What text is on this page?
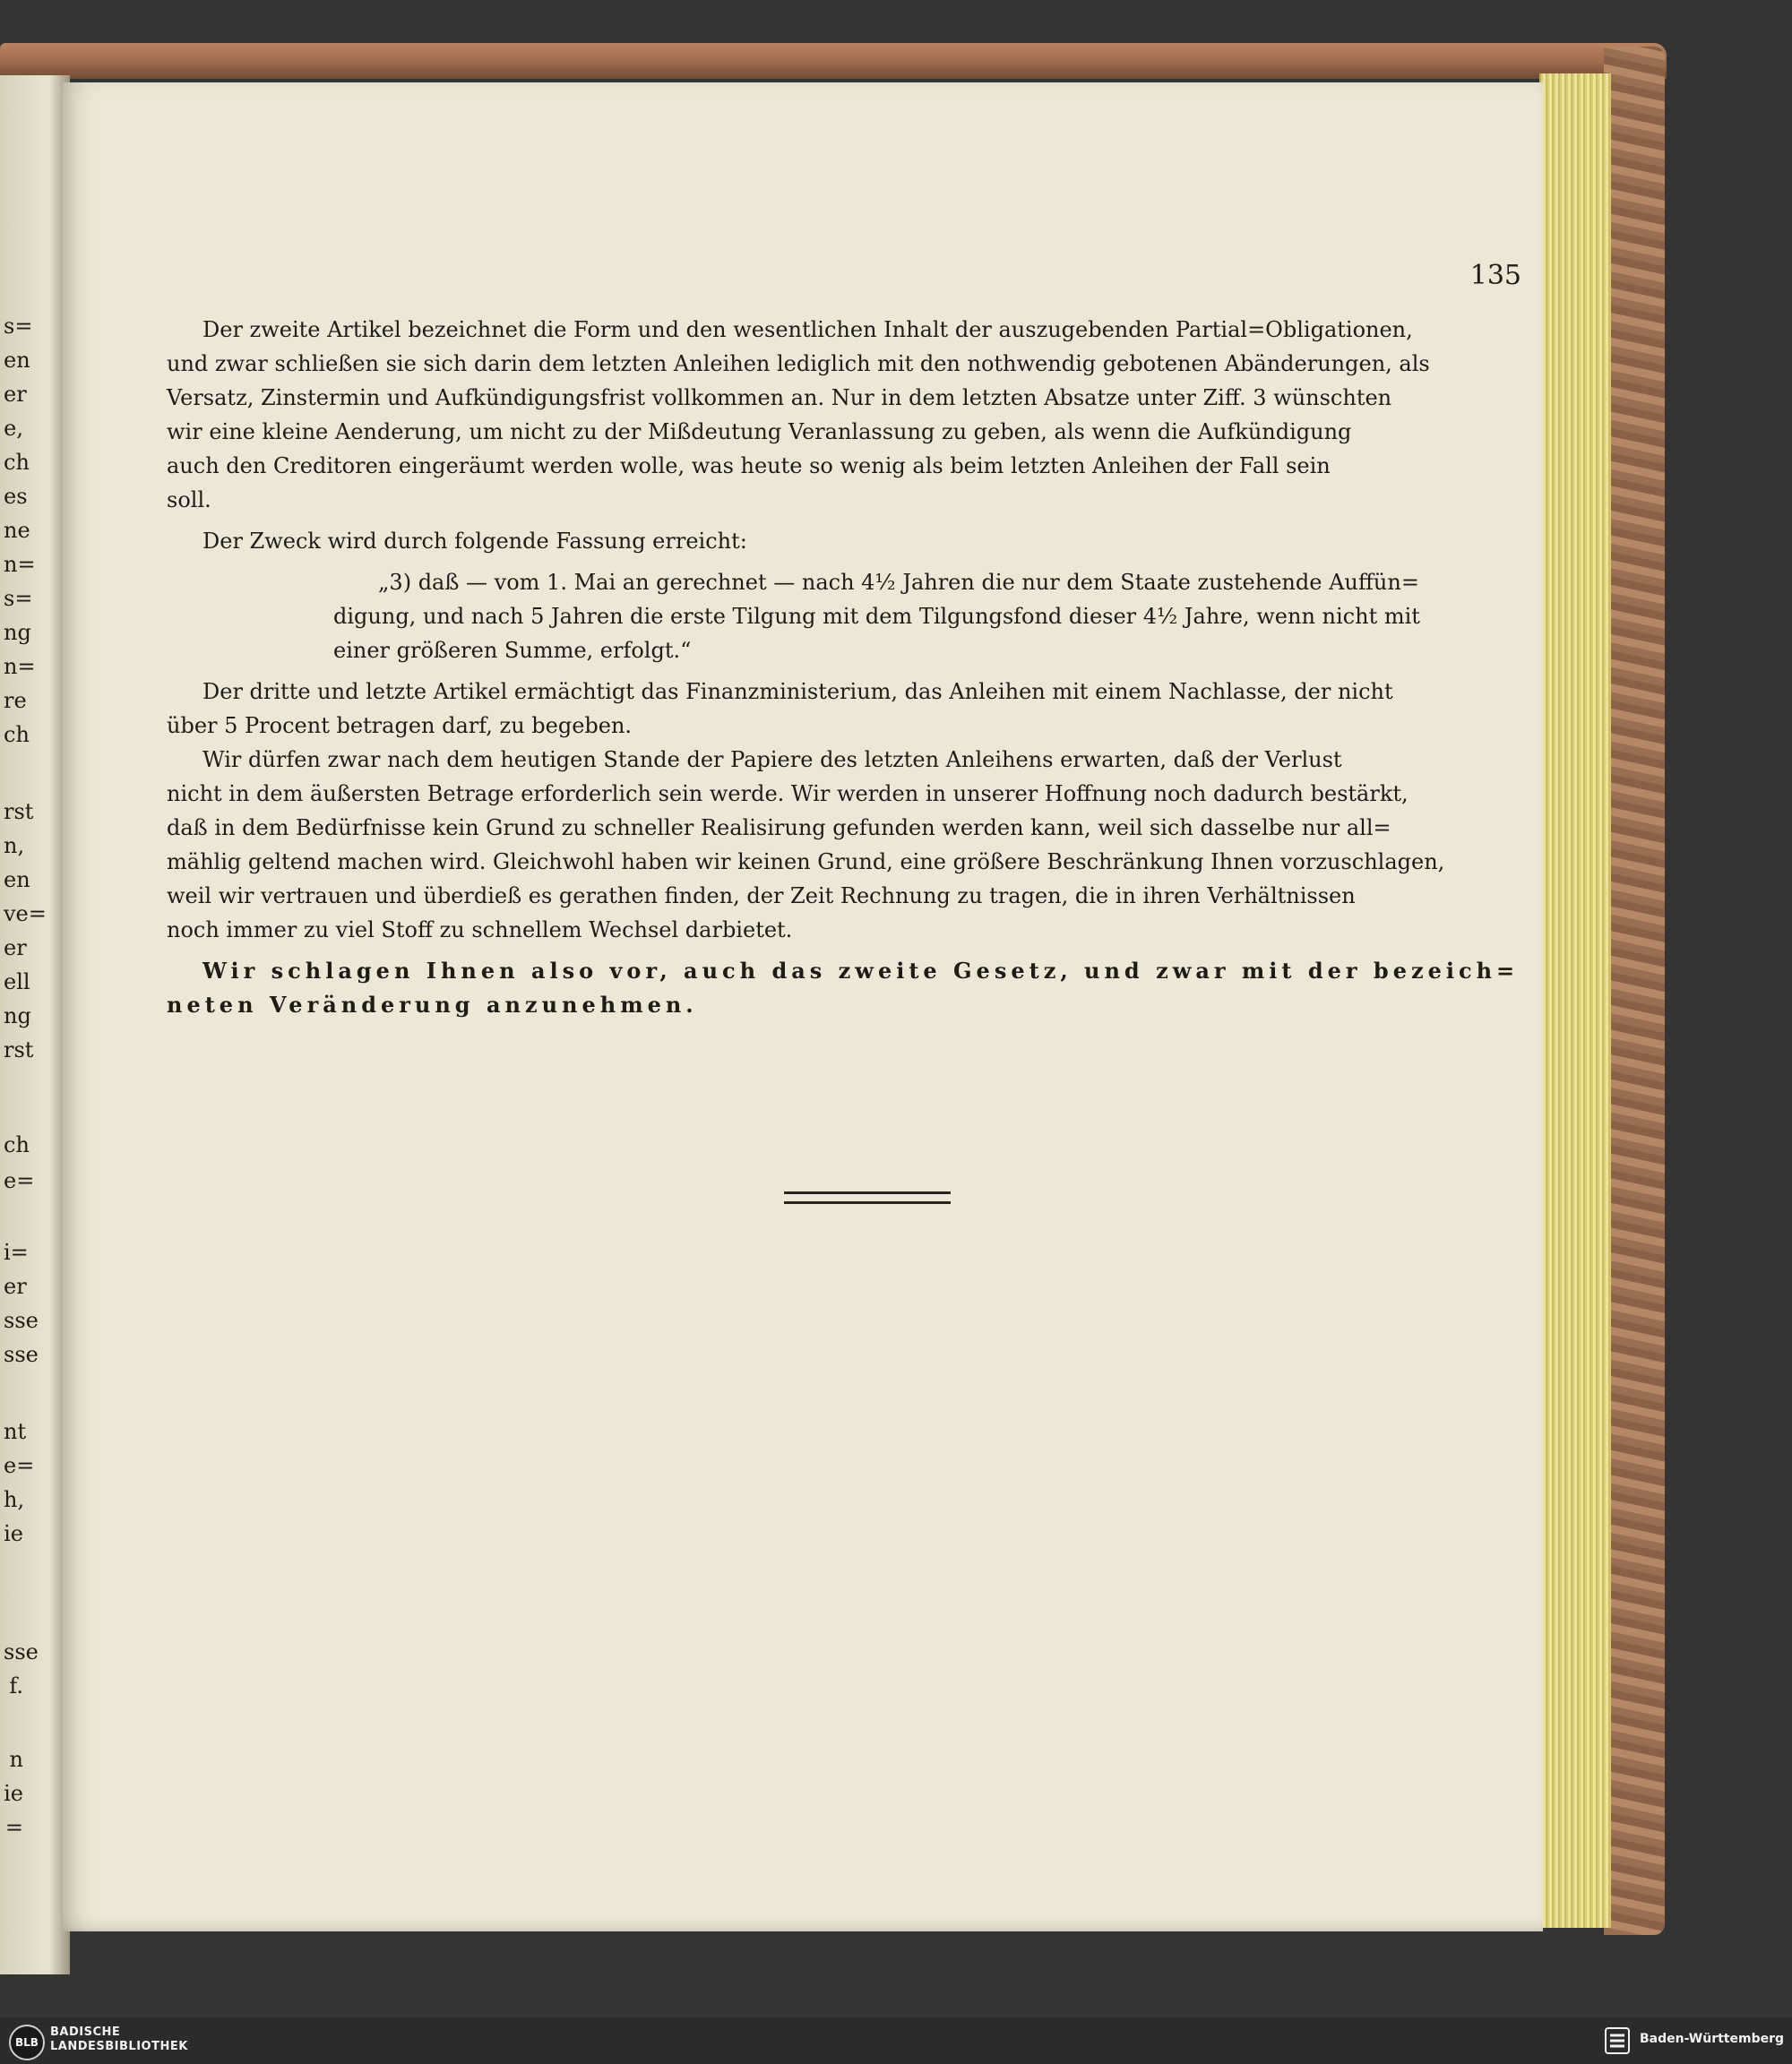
s=
en
er
e,
ch
es
ne
n=
s=
ng
n=
re
ch
rst
n,
en
ve=
er
ell
ng
rst
ch
e=
i=
er
sse
sse
nt
e=
h,
ie
sse
f.
n
ie
=
135
Der zweite Artikel bezeichnet die Form und den wesentlichen Inhalt der auszugebenden Partial=Obligationen,
und zwar schließen sie sich darin dem letzten Anleihen lediglich mit den nothwendig gebotenen Abänderungen, als
Versatz, Zinstermin und Aufkündigungsfrist vollkommen an. Nur in dem letzten Absatze unter Ziff. 3 wünschten
wir eine kleine Aenderung, um nicht zu der Mißdeutung Veranlassung zu geben, als wenn die Aufkündigung
auch den Creditoren eingeräumt werden wolle, was heute so wenig als beim letzten Anleihen der Fall sein
soll.
Der Zweck wird durch folgende Fassung erreicht:
„3) daß — vom 1. Mai an gerechnet — nach 4½ Jahren die nur dem Staate zustehende Auffün=
digung, und nach 5 Jahren die erste Tilgung mit dem Tilgungsfond dieser 4½ Jahre, wenn nicht mit
einer größeren Summe, erfolgt.“
Der dritte und letzte Artikel ermächtigt das Finanzministerium, das Anleihen mit einem Nachlasse, der nicht
über 5 Procent betragen darf, zu begeben.
Wir dürfen zwar nach dem heutigen Stande der Papiere des letzten Anleihens erwarten, daß der Verlust
nicht in dem äußersten Betrage erforderlich sein werde. Wir werden in unserer Hoffnung noch dadurch bestärkt,
daß in dem Bedürfnisse kein Grund zu schneller Realisirung gefunden werden kann, weil sich dasselbe nur all=
mählig geltend machen wird. Gleichwohl haben wir keinen Grund, eine größere Beschränkung Ihnen vorzuschlagen,
weil wir vertrauen und überdieß es gerathen finden, der Zeit Rechnung zu tragen, die in ihren Verhältnissen
noch immer zu viel Stoff zu schnellem Wechsel darbietet.
Wir schlagen Ihnen also vor, auch das zweite Gesetz, und zwar mit der bezeich=
neten Veränderung anzunehmen.
BLB
BADISCHE
LANDESBIBLIOTHEK
Baden-Württemberg
